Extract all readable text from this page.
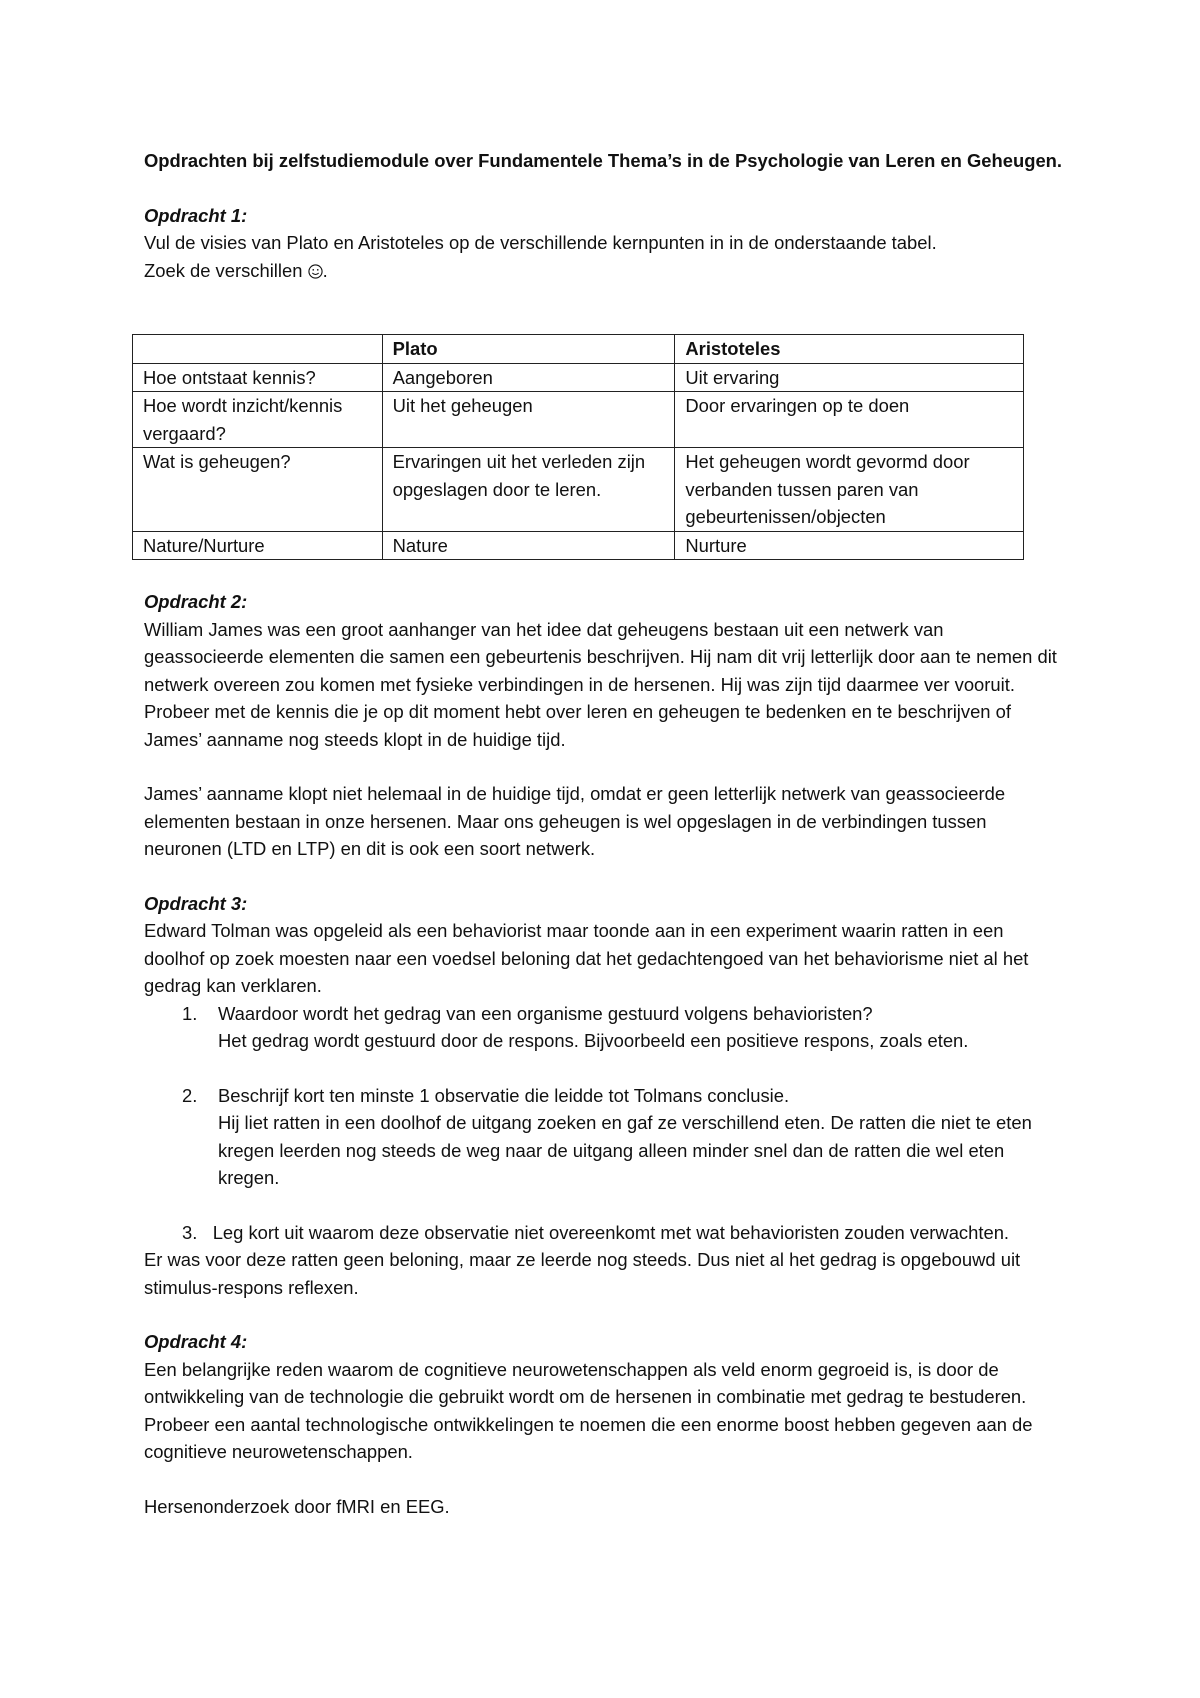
Opdrachten bij zelfstudiemodule over Fundamentele Thema’s in de Psychologie van Leren en Geheugen.

Opdracht 1:

Vul de visies van Plato en Aristoteles op de verschillende kernpunten in in de onderstaande tabel.

Zoek de verschillen .

	Plato	Aristoteles
Hoe ontstaat kennis?	Aangeboren	Uit ervaring
Hoe wordt inzicht/kennis vergaard?	Uit het geheugen	Door ervaringen op te doen
Wat is geheugen?	Ervaringen uit het verleden zijn opgeslagen door te leren.	Het geheugen wordt gevormd door verbanden tussen paren van gebeurtenissen/objecten
Nature/Nurture	Nature	Nurture

Opdracht 2:

William James was een groot aanhanger van het idee dat geheugens bestaan uit een netwerk van geassocieerde elementen die samen een gebeurtenis beschrijven. Hij nam dit vrij letterlijk door aan te nemen dit netwerk overeen zou komen met fysieke verbindingen in de hersenen. Hij was zijn tijd daarmee ver vooruit. Probeer met de kennis die je op dit moment hebt over leren en geheugen te bedenken en te beschrijven of James’ aanname nog steeds klopt in de huidige tijd.

James’ aanname klopt niet helemaal in de huidige tijd, omdat er geen letterlijk netwerk van geassocieerde elementen bestaan in onze hersenen. Maar ons geheugen is wel opgeslagen in de verbindingen tussen neuronen (LTD en LTP) en dit is ook een soort netwerk.

Opdracht 3:

Edward Tolman was opgeleid als een behaviorist maar toonde aan in een experiment waarin ratten in een doolhof op zoek moesten naar een voedsel beloning dat het gedachtengoed van het behaviorisme niet al het gedrag kan verklaren.

1. Waardoor wordt het gedrag van een organisme gestuurd volgens behavioristen?

Het gedrag wordt gestuurd door de respons. Bijvoorbeeld een positieve respons, zoals eten.

2. Beschrijf kort ten minste 1 observatie die leidde tot Tolmans conclusie.

Hij liet ratten in een doolhof de uitgang zoeken en gaf ze verschillend eten. De ratten die niet te eten kregen leerden nog steeds de weg naar de uitgang alleen minder snel dan de ratten die wel eten kregen.

3. Leg kort uit waarom deze observatie niet overeenkomt met wat behavioristen zouden verwachten.

Er was voor deze ratten geen beloning, maar ze leerde nog steeds. Dus niet al het gedrag is opgebouwd uit stimulus-respons reflexen.

Opdracht 4:

Een belangrijke reden waarom de cognitieve neurowetenschappen als veld enorm gegroeid is, is door de ontwikkeling van de technologie die gebruikt wordt om de hersenen in combinatie met gedrag te bestuderen. Probeer een aantal technologische ontwikkelingen te noemen die een enorme boost hebben gegeven aan de cognitieve neurowetenschappen.

Hersenonderzoek door fMRI en EEG.
